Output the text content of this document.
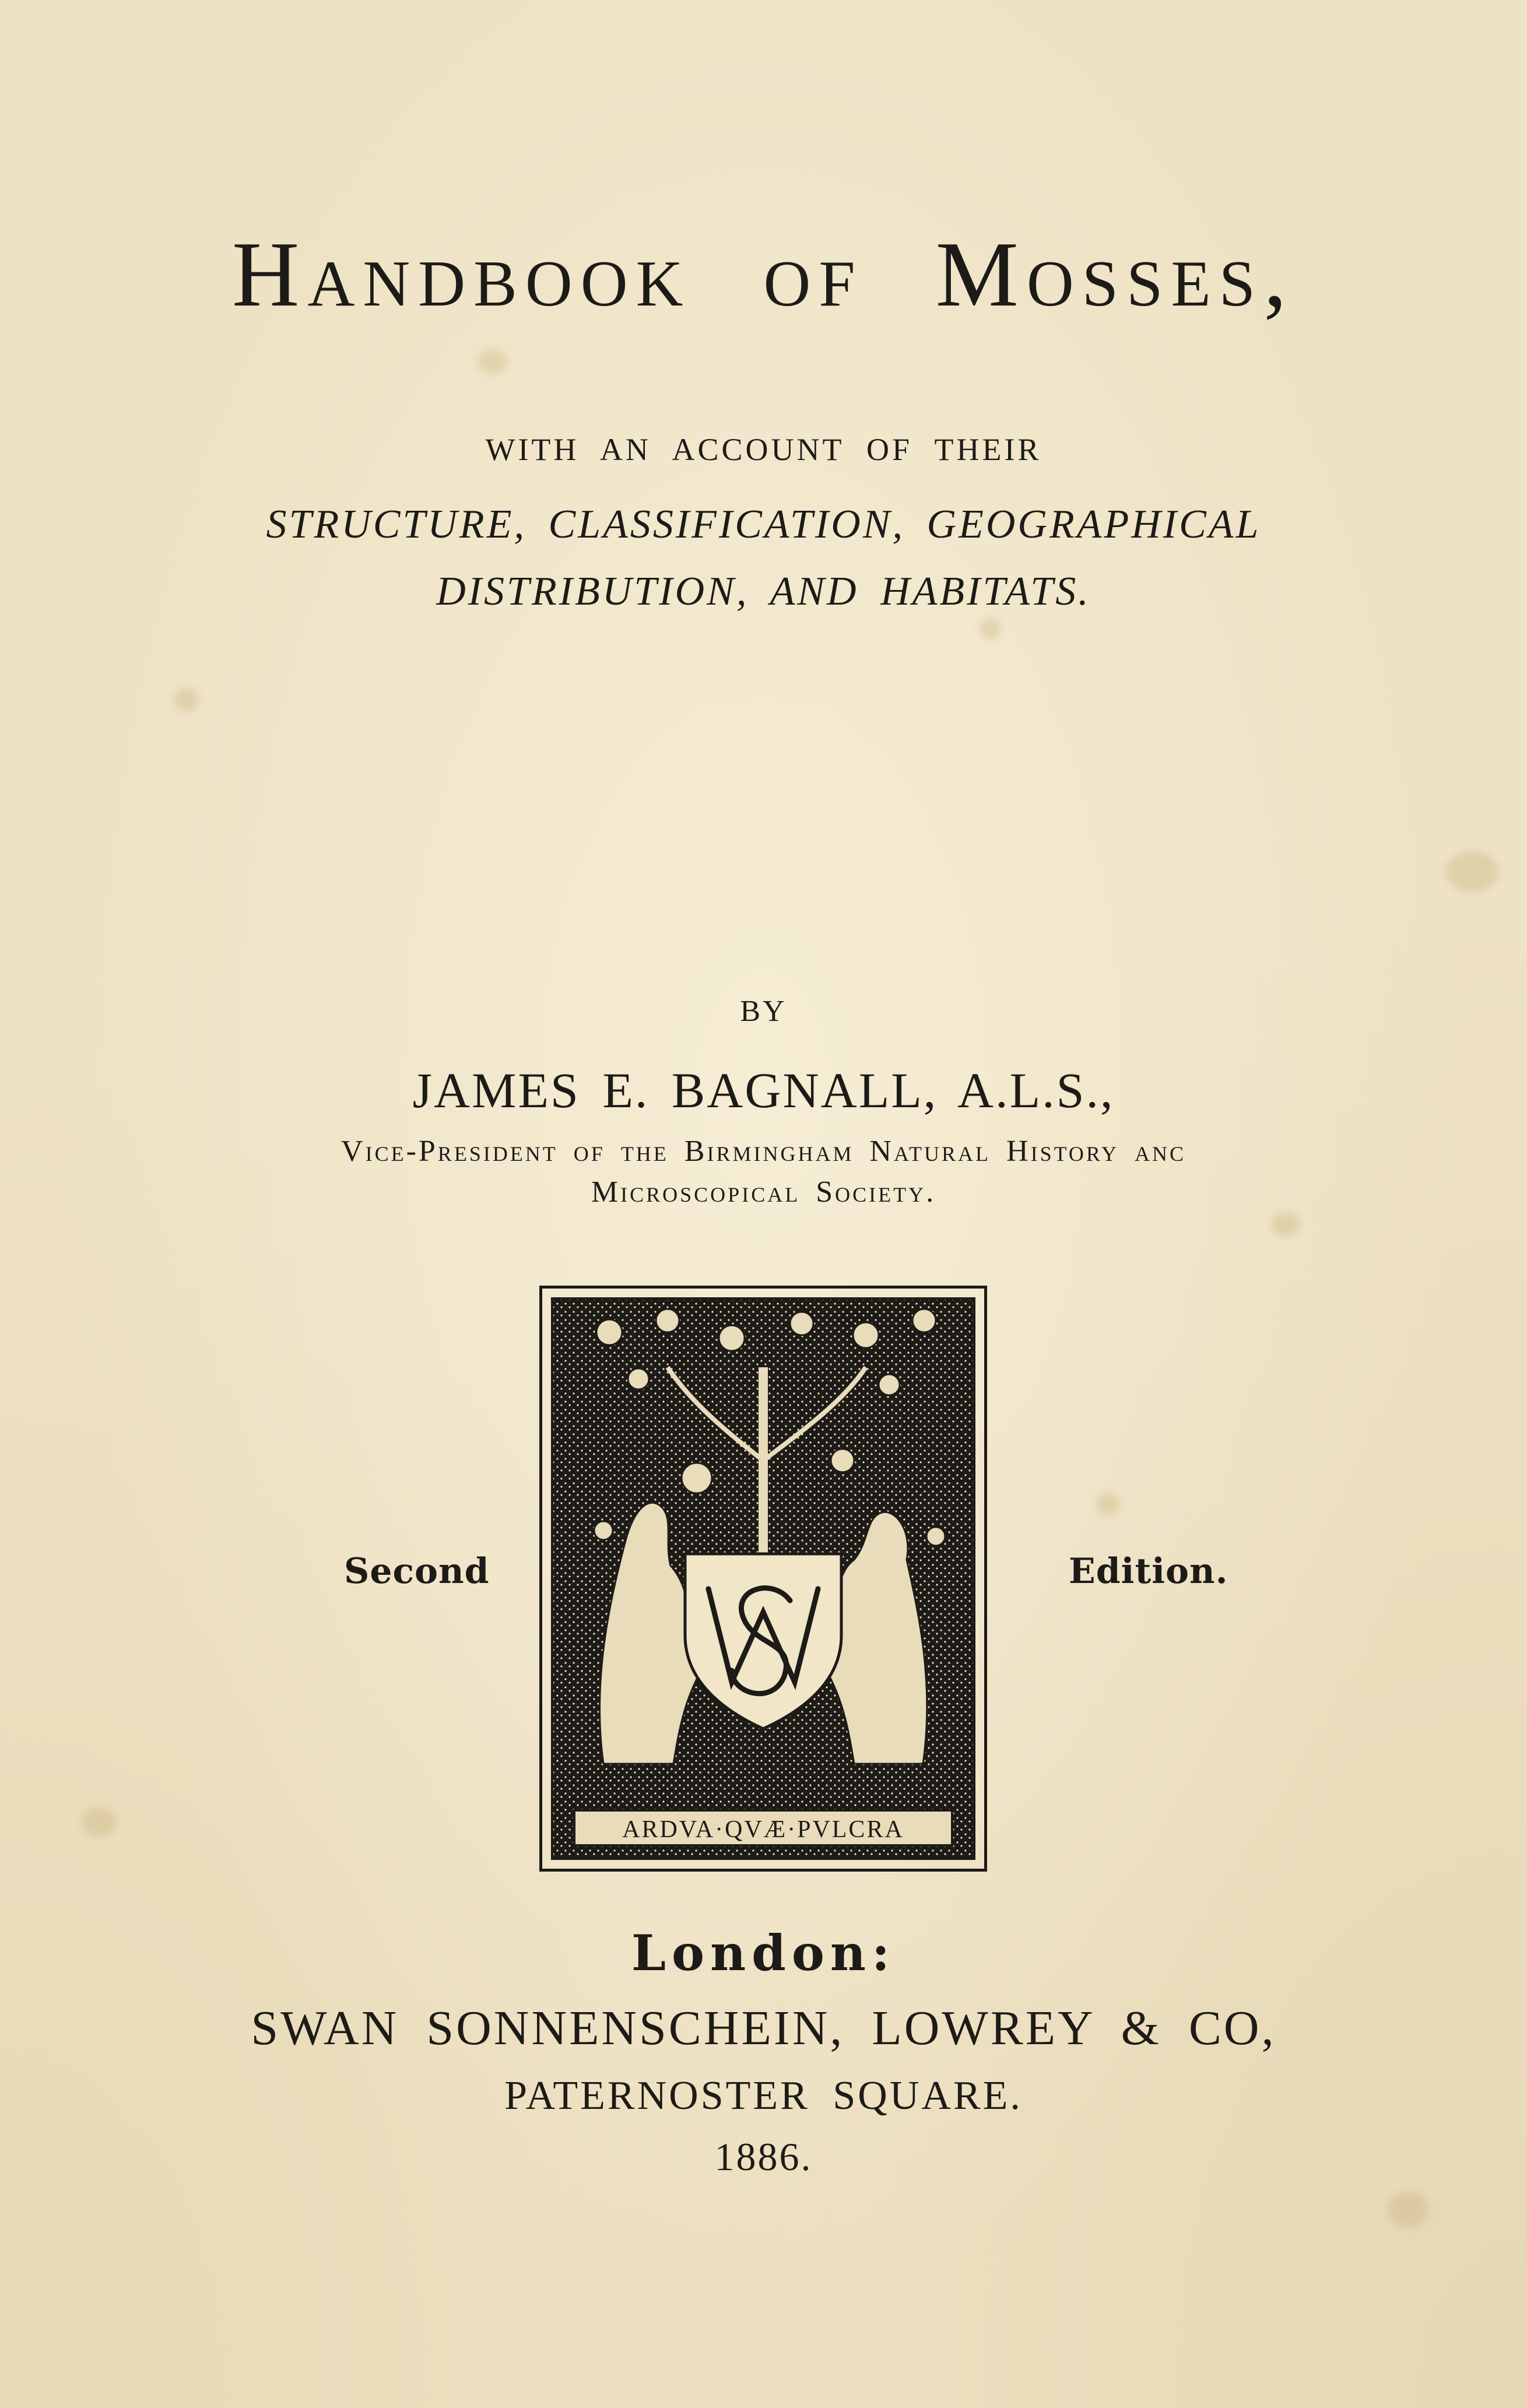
Handbook of Mosses,
WITH AN ACCOUNT OF THEIR
STRUCTURE, CLASSIFICATION, GEOGRAPHICAL
DISTRIBUTION, AND HABITATS.
BY
JAMES E. BAGNALL, A.L.S.,
Vice-President of the Birmingham Natural History anc
Microscopical Society.
Second	Edition.
ARDVA·QVÆ·PVLCRA
London:
SWAN SONNENSCHEIN, LOWREY & CO,
PATERNOSTER SQUARE.
1886.
